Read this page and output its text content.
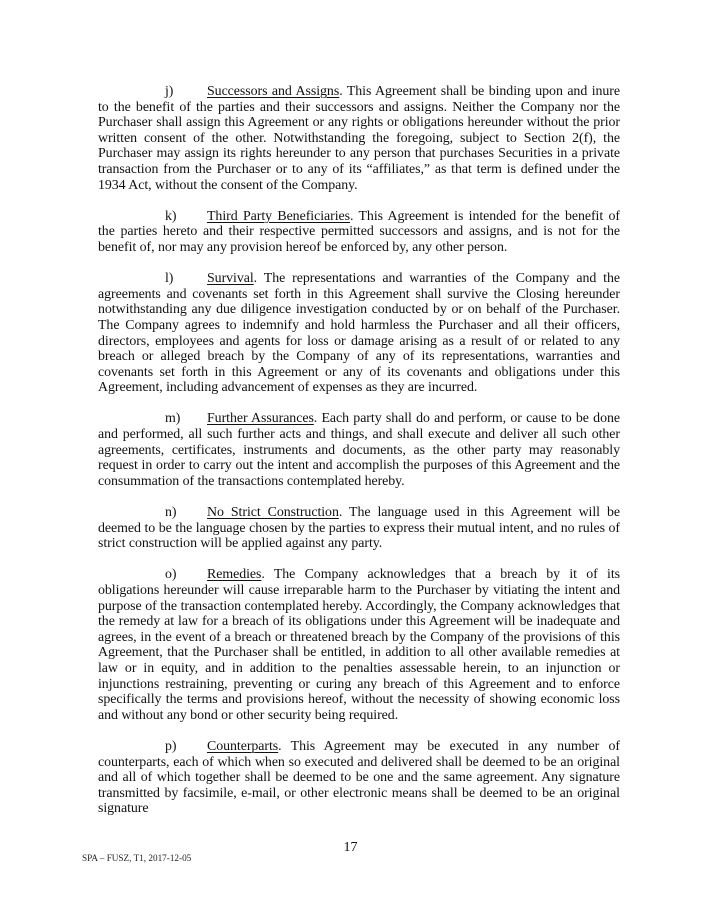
j) Successors and Assigns. This Agreement shall be binding upon and inure to the benefit of the parties and their successors and assigns. Neither the Company nor the Purchaser shall assign this Agreement or any rights or obligations hereunder without the prior written consent of the other. Notwithstanding the foregoing, subject to Section 2(f), the Purchaser may assign its rights hereunder to any person that purchases Securities in a private transaction from the Purchaser or to any of its “affiliates,” as that term is defined under the 1934 Act, without the consent of the Company.

k) Third Party Beneficiaries. This Agreement is intended for the benefit of the parties hereto and their respective permitted successors and assigns, and is not for the benefit of, nor may any provision hereof be enforced by, any other person.

l) Survival. The representations and warranties of the Company and the agreements and covenants set forth in this Agreement shall survive the Closing hereunder notwithstanding any due diligence investigation conducted by or on behalf of the Purchaser. The Company agrees to indemnify and hold harmless the Purchaser and all their officers, directors, employees and agents for loss or damage arising as a result of or related to any breach or alleged breach by the Company of any of its representations, warranties and covenants set forth in this Agreement or any of its covenants and obligations under this Agreement, including advancement of expenses as they are incurred.

m) Further Assurances. Each party shall do and perform, or cause to be done and performed, all such further acts and things, and shall execute and deliver all such other agreements, certificates, instruments and documents, as the other party may reasonably request in order to carry out the intent and accomplish the purposes of this Agreement and the consummation of the transactions contemplated hereby.

n) No Strict Construction. The language used in this Agreement will be deemed to be the language chosen by the parties to express their mutual intent, and no rules of strict construction will be applied against any party.

o) Remedies. The Company acknowledges that a breach by it of its obligations hereunder will cause irreparable harm to the Purchaser by vitiating the intent and purpose of the transaction contemplated hereby. Accordingly, the Company acknowledges that the remedy at law for a breach of its obligations under this Agreement will be inadequate and agrees, in the event of a breach or threatened breach by the Company of the provisions of this Agreement, that the Purchaser shall be entitled, in addition to all other available remedies at law or in equity, and in addition to the penalties assessable herein, to an injunction or injunctions restraining, preventing or curing any breach of this Agreement and to enforce specifically the terms and provisions hereof, without the necessity of showing economic loss and without any bond or other security being required.

p) Counterparts. This Agreement may be executed in any number of counterparts, each of which when so executed and delivered shall be deemed to be an original and all of which together shall be deemed to be one and the same agreement. Any signature transmitted by facsimile, e-mail, or other electronic means shall be deemed to be an original signature

17
SPA – FUSZ, T1, 2017-12-05
